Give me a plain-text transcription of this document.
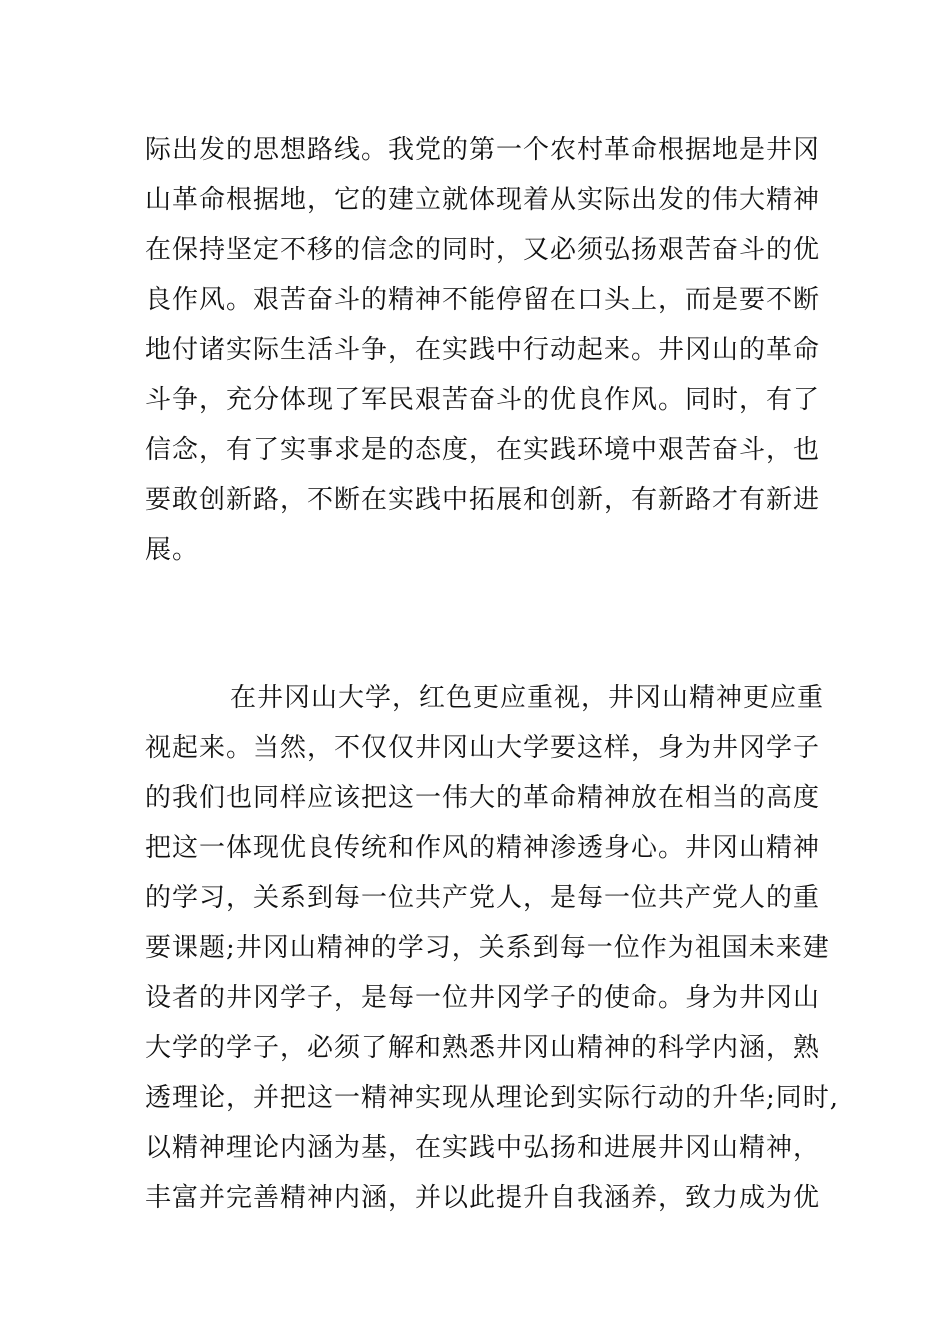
际出发的思想路线。我党的第一个农村革命根据地是井冈
山革命根据地，它的建立就体现着从实际出发的伟大精神
在保持坚定不移的信念的同时，又必须弘扬艰苦奋斗的优
良作风。艰苦奋斗的精神不能停留在口头上，而是要不断
地付诸实际生活斗争，在实践中行动起来。井冈山的革命
斗争，充分体现了军民艰苦奋斗的优良作风。同时，有了
信念，有了实事求是的态度，在实践环境中艰苦奋斗，也
要敢创新路，不断在实践中拓展和创新，有新路才有新进
展。
在井冈山大学，红色更应重视，井冈山精神更应重
视起来。当然，不仅仅井冈山大学要这样，身为井冈学子
的我们也同样应该把这一伟大的革命精神放在相当的高度
把这一体现优良传统和作风的精神渗透身心。井冈山精神
的学习，关系到每一位共产党人，是每一位共产党人的重
要课题;井冈山精神的学习，关系到每一位作为祖国未来建
设者的井冈学子，是每一位井冈学子的使命。身为井冈山
大学的学子，必须了解和熟悉井冈山精神的科学内涵，熟
透理论，并把这一精神实现从理论到实际行动的升华;同时,
以精神理论内涵为基，在实践中弘扬和进展井冈山精神，
丰富并完善精神内涵，并以此提升自我涵养，致力成为优
